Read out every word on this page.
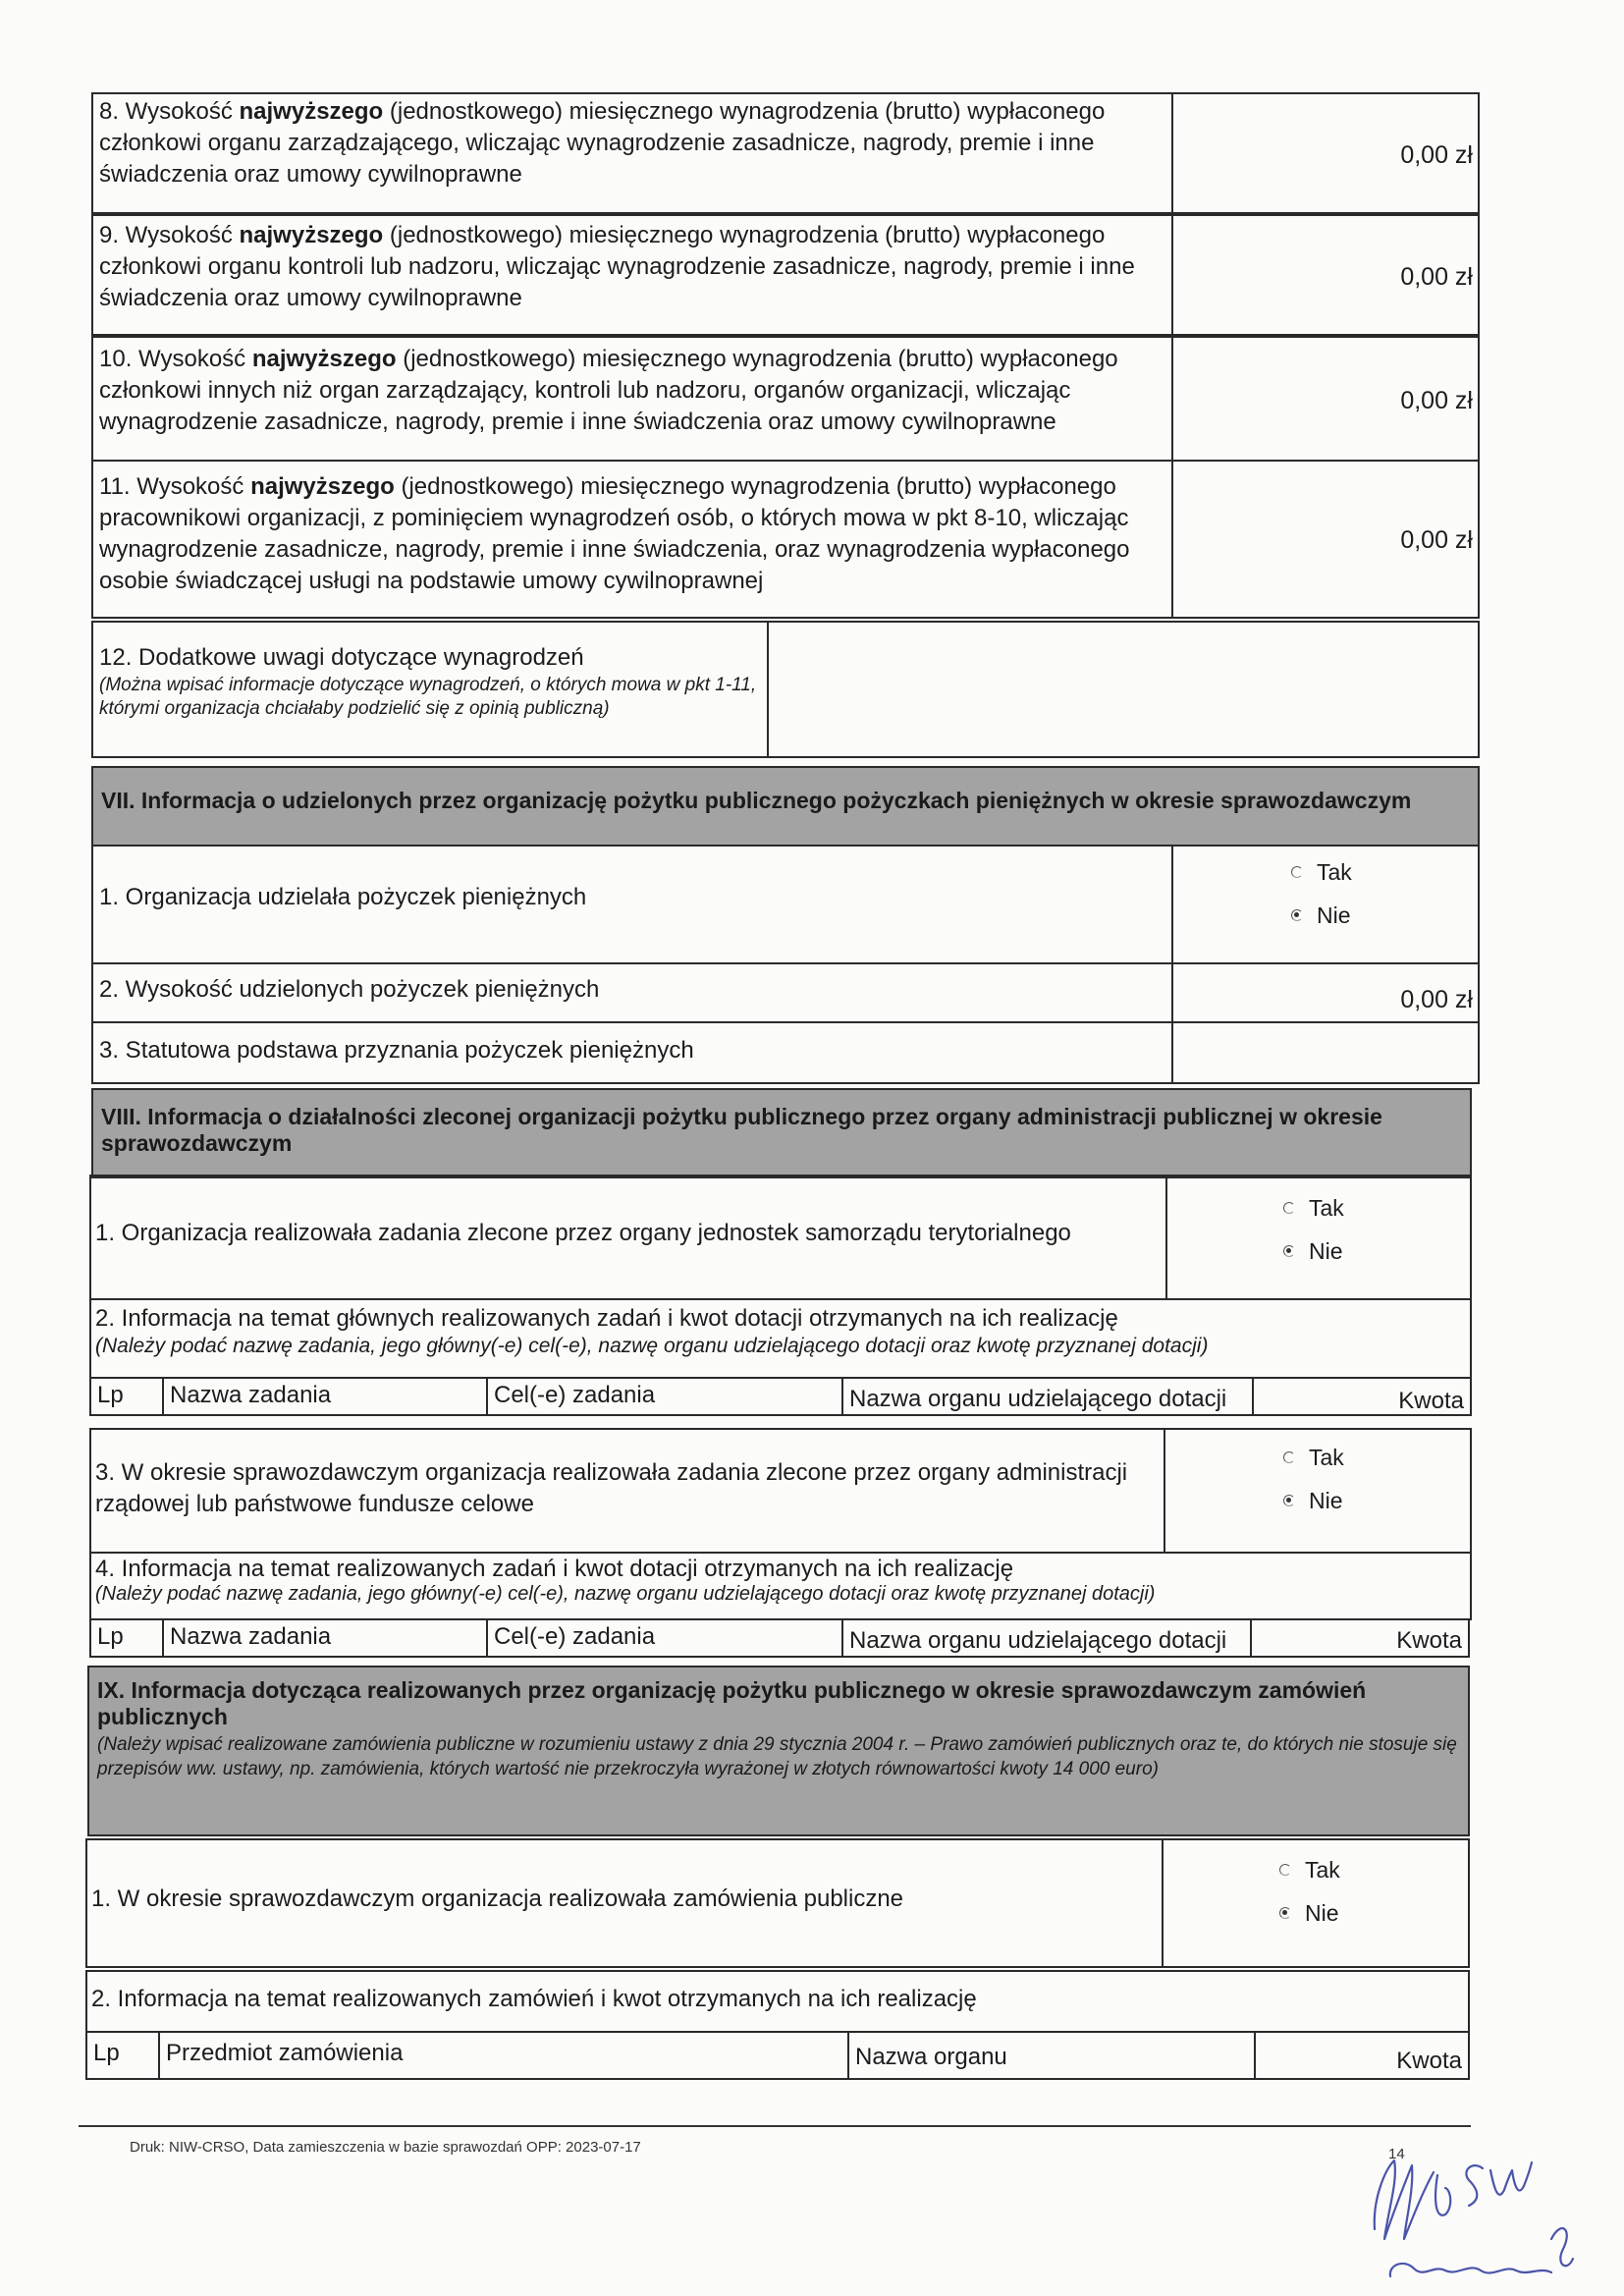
8. Wysokość najwyższego (jednostkowego) miesięcznego wynagrodzenia (brutto) wypłaconego członkowi organu zarządzającego, wliczając wynagrodzenie zasadnicze, nagrody, premie i inne świadczenia oraz umowy cywilnoprawne
0,00 zł
9. Wysokość najwyższego (jednostkowego) miesięcznego wynagrodzenia (brutto) wypłaconego członkowi organu kontroli lub nadzoru, wliczając wynagrodzenie zasadnicze, nagrody, premie i inne świadczenia oraz umowy cywilnoprawne
0,00 zł
10. Wysokość najwyższego (jednostkowego) miesięcznego wynagrodzenia (brutto) wypłaconego członkowi innych niż organ zarządzający, kontroli lub nadzoru, organów organizacji, wliczając wynagrodzenie zasadnicze, nagrody, premie i inne świadczenia oraz umowy cywilnoprawne
0,00 zł
11. Wysokość najwyższego (jednostkowego) miesięcznego wynagrodzenia (brutto) wypłaconego pracownikowi organizacji, z pominięciem wynagrodzeń osób, o których mowa w pkt 8-10, wliczając wynagrodzenie zasadnicze, nagrody, premie i inne świadczenia, oraz wynagrodzenia wypłaconego osobie świadczącej usługi na podstawie umowy cywilnoprawnej
0,00 zł
12. Dodatkowe uwagi dotyczące wynagrodzeń
(Można wpisać informacje dotyczące wynagrodzeń, o których mowa w pkt 1-11, którymi organizacja chciałaby podzielić się z opinią publiczną)
VII. Informacja o udzielonych przez organizację pożytku publicznego pożyczkach pieniężnych w okresie sprawozdawczym
1. Organizacja udzielała pożyczek pieniężnych
Tak
Nie
2. Wysokość udzielonych pożyczek pieniężnych	0,00 zł
3. Statutowa podstawa przyznania pożyczek pieniężnych
VIII. Informacja o działalności zleconej organizacji pożytku publicznego przez organy administracji publicznej w okresie sprawozdawczym
1. Organizacja realizowała zadania zlecone przez organy jednostek samorządu terytorialnego
Tak
Nie
2. Informacja na temat głównych realizowanych zadań i kwot dotacji otrzymanych na ich realizację
(Należy podać nazwę zadania, jego główny(-e) cel(-e), nazwę organu udzielającego dotacji oraz kwotę przyznanej dotacji)
Lp	Nazwa zadania	Cel(-e) zadania	Nazwa organu udzielającego dotacji	Kwota
3. W okresie sprawozdawczym organizacja realizowała zadania zlecone przez organy administracji rządowej lub państwowe fundusze celowe
Tak
Nie
4. Informacja na temat realizowanych zadań i kwot dotacji otrzymanych na ich realizację
(Należy podać nazwę zadania, jego główny(-e) cel(-e), nazwę organu udzielającego dotacji oraz kwotę przyznanej dotacji)
Lp	Nazwa zadania	Cel(-e) zadania	Nazwa organu udzielającego dotacji	Kwota
IX. Informacja dotycząca realizowanych przez organizację pożytku publicznego w okresie sprawozdawczym zamówień publicznych
(Należy wpisać realizowane zamówienia publiczne w rozumieniu ustawy z dnia 29 stycznia 2004 r. – Prawo zamówień publicznych oraz te, do których nie stosuje się przepisów ww. ustawy, np. zamówienia, których wartość nie przekroczyła wyrażonej w złotych równowartości kwoty 14 000 euro)
1. W okresie sprawozdawczym organizacja realizowała zamówienia publiczne
Tak
Nie
2. Informacja na temat realizowanych zamówień i kwot otrzymanych na ich realizację
Lp	Przedmiot zamówienia	Nazwa organu	Kwota
Druk: NIW-CRSO, Data zamieszczenia w bazie sprawozdań OPP: 2023-07-17	14
